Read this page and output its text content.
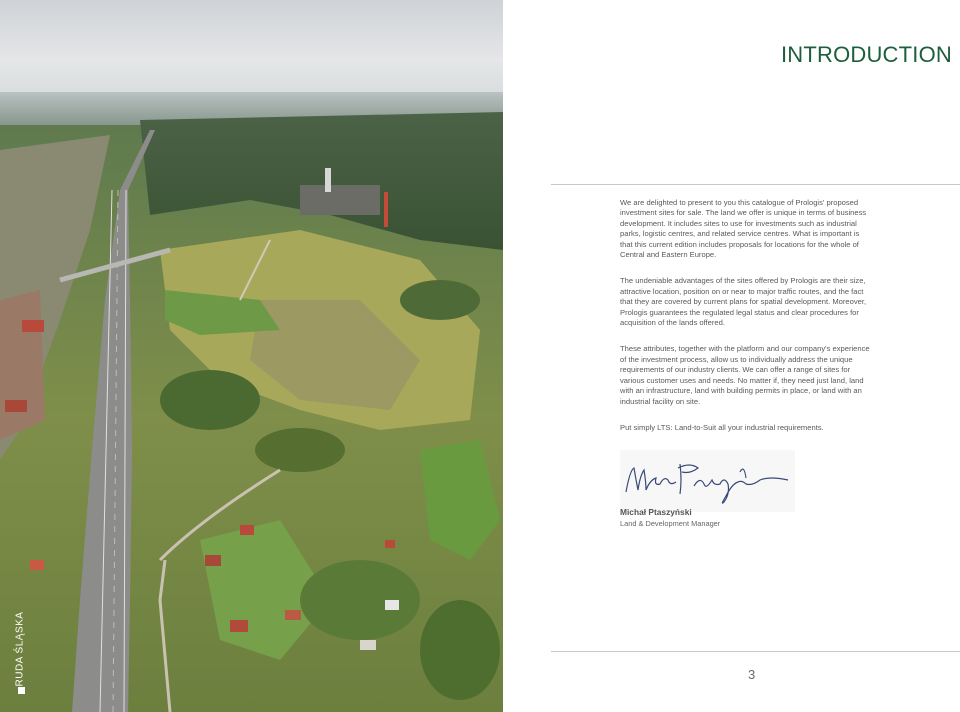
RUDA ŚLĄSKA
INTRODUCTION

We are delighted to present to you this catalogue of Prologis' proposed investment sites for sale. The land we offer is unique in terms of business development. It includes sites to use for investments such as industrial parks, logistic centres, and related service centres. What is important is that this current edition includes proposals for locations for the whole of Central and Eastern Europe.

The undeniable advantages of the sites offered by Prologis are their size, attractive location, position on or near to major traffic routes, and the fact that they are covered by current plans for spatial development. Moreover, Prologis guarantees the regulated legal status and clear procedures for acquisition of the lands offered.

These attributes, together with the platform and our company's experience of the investment process, allow us to individually address the unique requirements of our industry clients. We can offer a range of sites for various customer uses and needs. No matter if, they need just land, land with an infrastructure, land with building permits in place, or land with an industrial facility on site.

Put simply LTS: Land-to-Suit all your industrial requirements.

Michał Ptaszyński
Land & Development Manager
3
